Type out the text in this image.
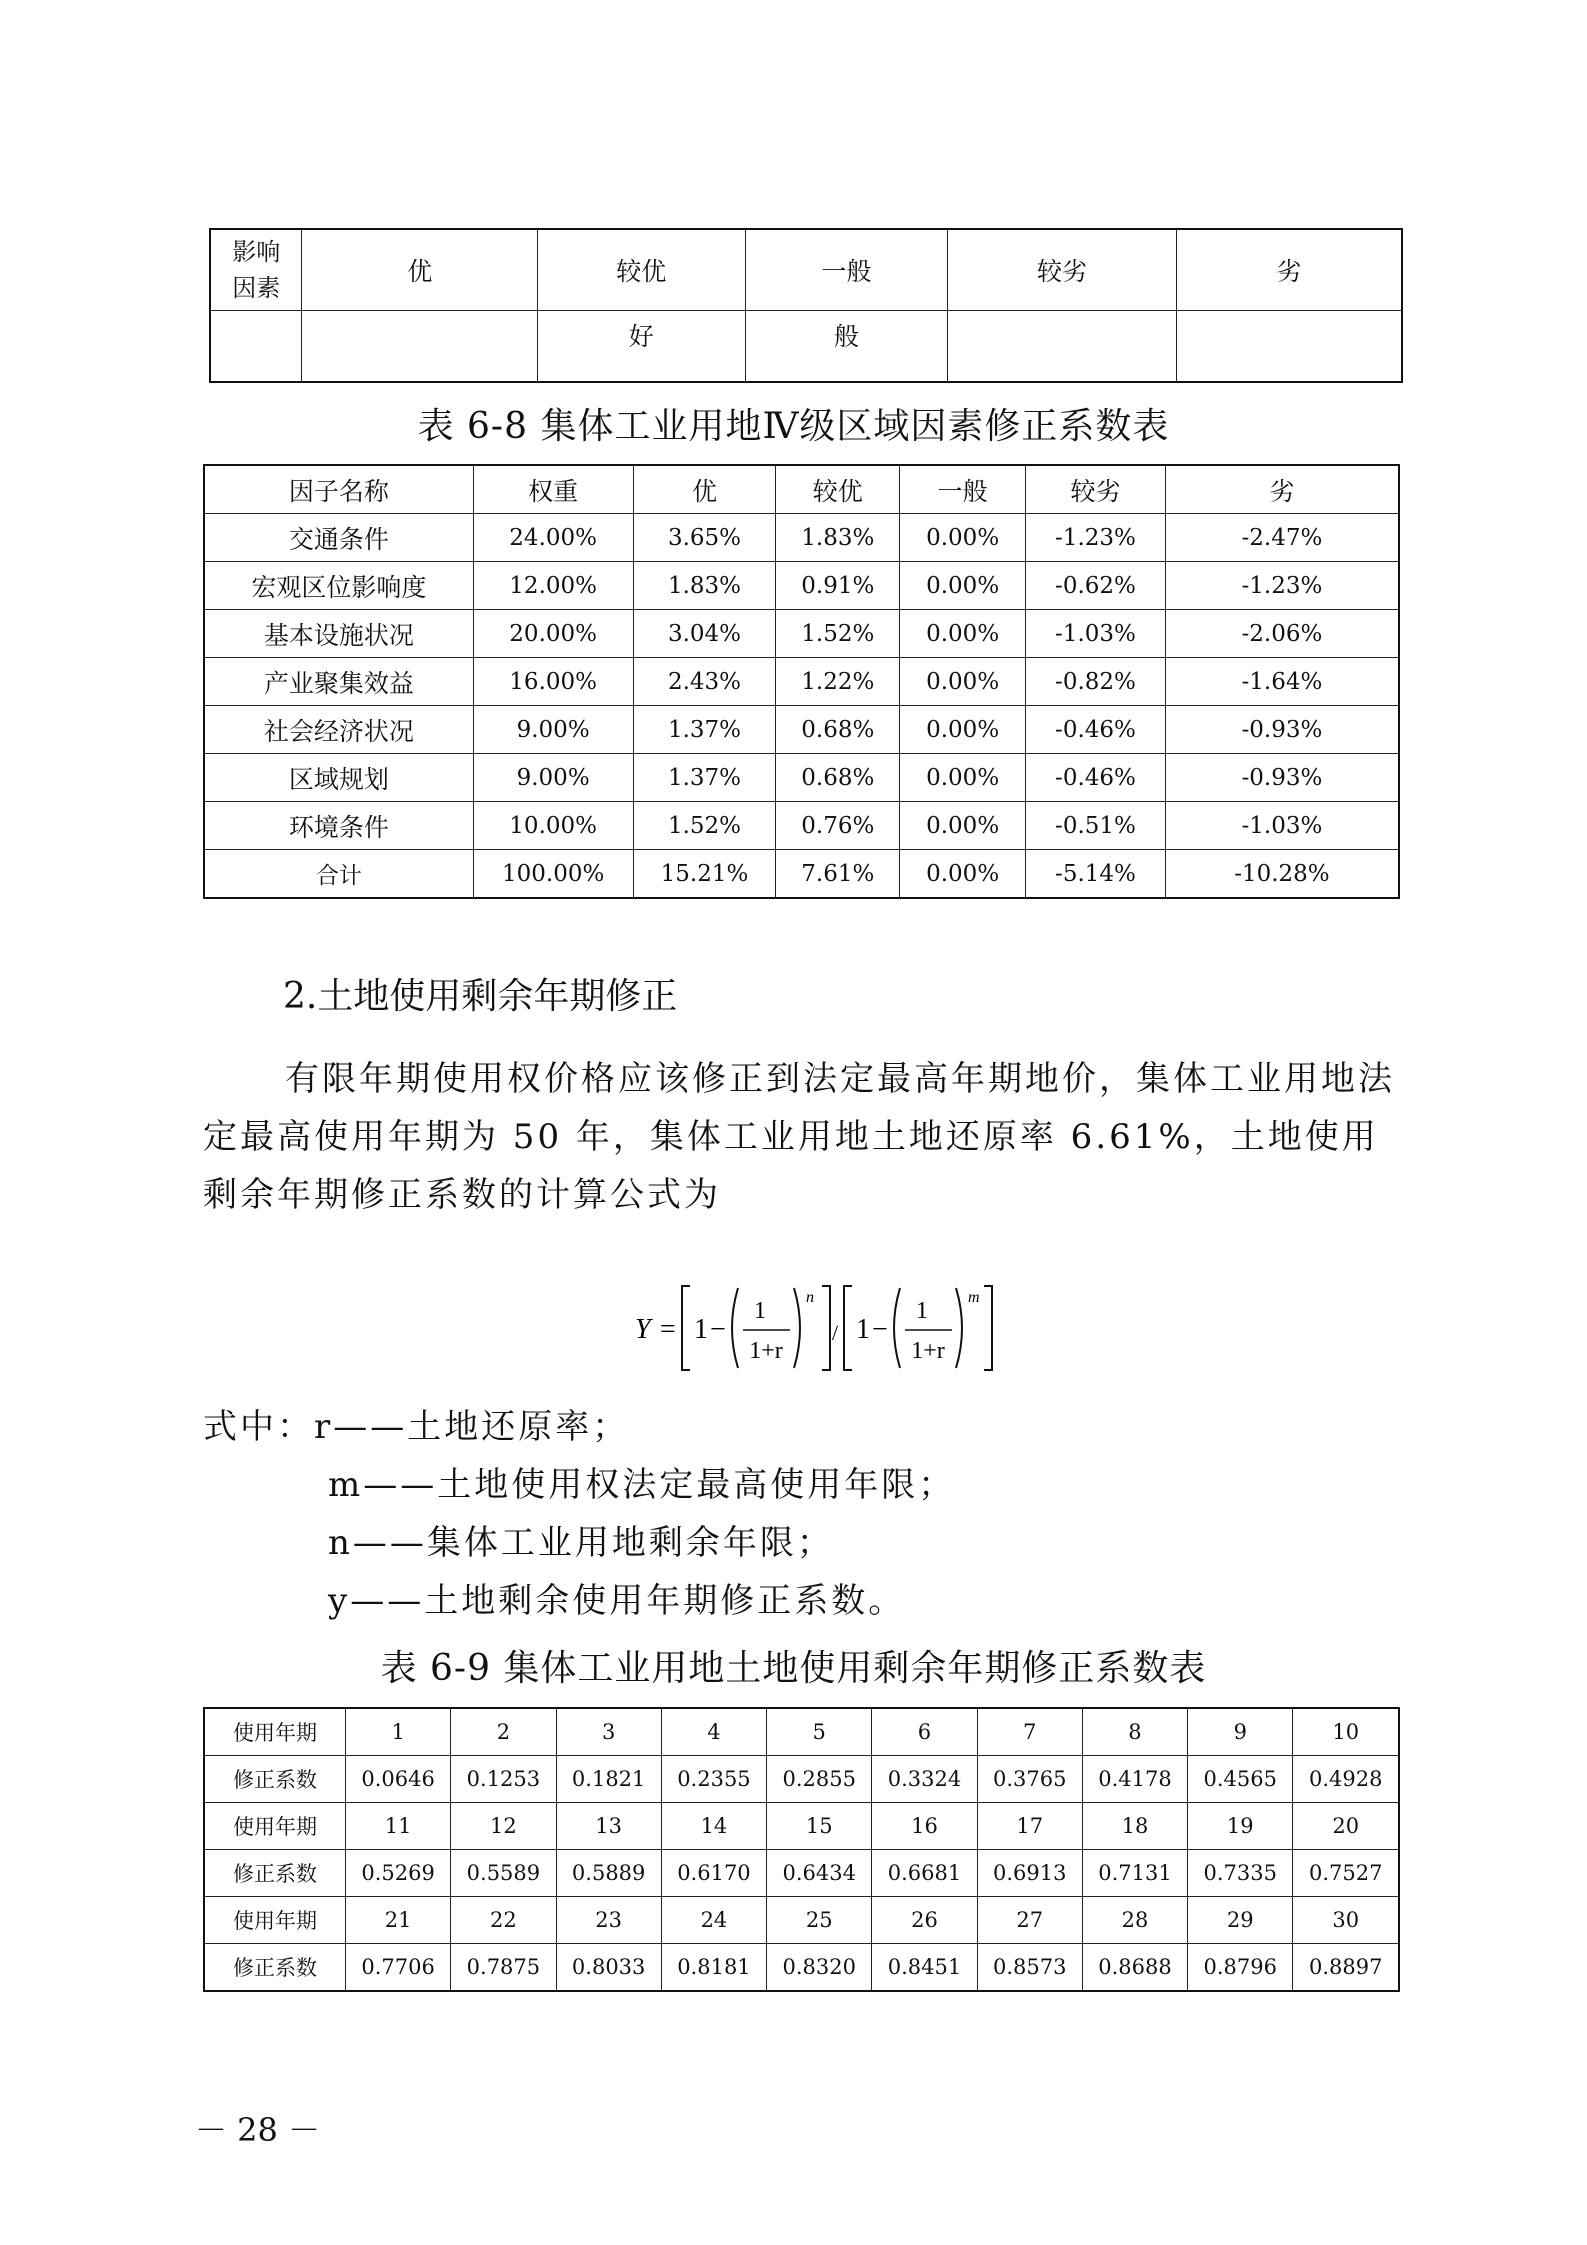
影响因素	优	较优	一般	较劣	劣
		好	般		
表 6-8 集体工业用地Ⅳ级区域因素修正系数表
因子名称	权重	优	较优	一般	较劣	劣
交通条件	24.00%	3.65%	1.83%	0.00%	-1.23%	-2.47%
宏观区位影响度	12.00%	1.83%	0.91%	0.00%	-0.62%	-1.23%
基本设施状况	20.00%	3.04%	1.52%	0.00%	-1.03%	-2.06%
产业聚集效益	16.00%	2.43%	1.22%	0.00%	-0.82%	-1.64%
社会经济状况	9.00%	1.37%	0.68%	0.00%	-0.46%	-0.93%
区域规划	9.00%	1.37%	0.68%	0.00%	-0.46%	-0.93%
环境条件	10.00%	1.52%	0.76%	0.00%	-0.51%	-1.03%
合计	100.00%	15.21%	7.61%	0.00%	-5.14%	-10.28%
2.土地使用剩余年期修正
有限年期使用权价格应该修正到法定最高年期地价，集体工业用地法定最高使用年期为 50 年，集体工业用地土地还原率 6.61%，土地使用剩余年期修正系数的计算公式为
Y = 1 −
1
1+r
n
/ 1 −
1
1+r
m
式中：r——土地还原率；
m——土地使用权法定最高使用年限；
n——集体工业用地剩余年限；
y——土地剩余使用年期修正系数。
表 6-9 集体工业用地土地使用剩余年期修正系数表
使用年期	1	2	3	4	5	6	7	8	9	10
修正系数	0.0646	0.1253	0.1821	0.2355	0.2855	0.3324	0.3765	0.4178	0.4565	0.4928
使用年期	11	12	13	14	15	16	17	18	19	20
修正系数	0.5269	0.5589	0.5889	0.6170	0.6434	0.6681	0.6913	0.7131	0.7335	0.7527
使用年期	21	22	23	24	25	26	27	28	29	30
修正系数	0.7706	0.7875	0.8033	0.8181	0.8320	0.8451	0.8573	0.8688	0.8796	0.8897
－ 28 －
